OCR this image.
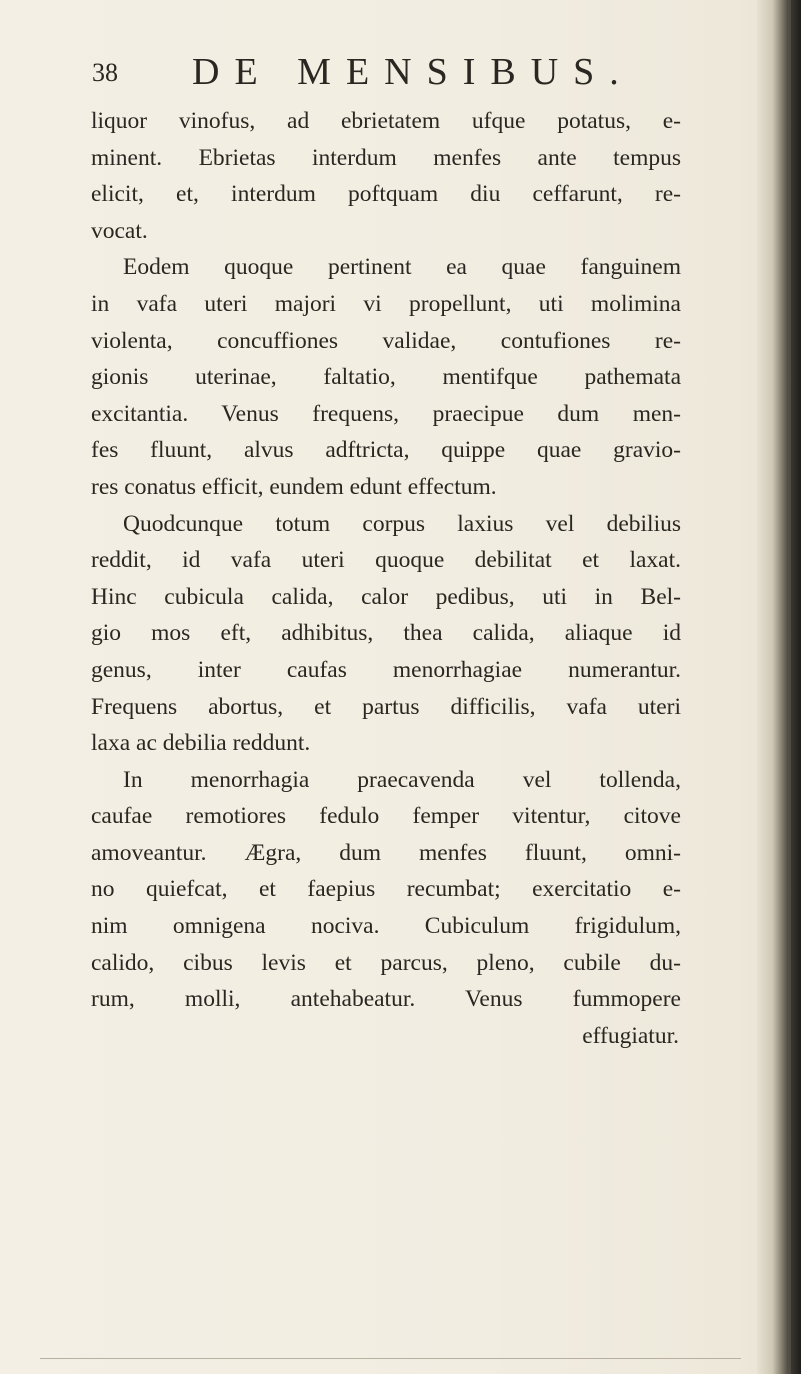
38 DE MENSIBUS.
liquor vinofus, ad ebrietatem ufque potatus, e-
minent. Ebrietas interdum menfes ante tempus
elicit, et, interdum poftquam diu ceffarunt, re-
vocat.
Eodem quoque pertinent ea quae fanguinem
in vafa uteri majori vi propellunt, uti molimina
violenta, concuffiones validae, contufiones re-
gionis uterinae, faltatio, mentifque pathemata
excitantia. Venus frequens, praecipue dum men-
fes fluunt, alvus adftricta, quippe quae gravio-
res conatus efficit, eundem edunt effectum.
Quodcunque totum corpus laxius vel debilius
reddit, id vafa uteri quoque debilitat et laxat.
Hinc cubicula calida, calor pedibus, uti in Bel-
gio mos eft, adhibitus, thea calida, aliaque id
genus, inter caufas menorrhagiae numerantur.
Frequens abortus, et partus difficilis, vafa uteri
laxa ac debilia reddunt.
In menorrhagia praecavenda vel tollenda,
caufae remotiores fedulo femper vitentur, citove
amoveantur. Ægra, dum menfes fluunt, omni-
no quiefcat, et faepius recumbat; exercitatio e-
nim omnigena nociva. Cubiculum frigidulum,
calido, cibus levis et parcus, pleno, cubile du-
rum, molli, antehabeatur. Venus fummopere
effugiatur.
